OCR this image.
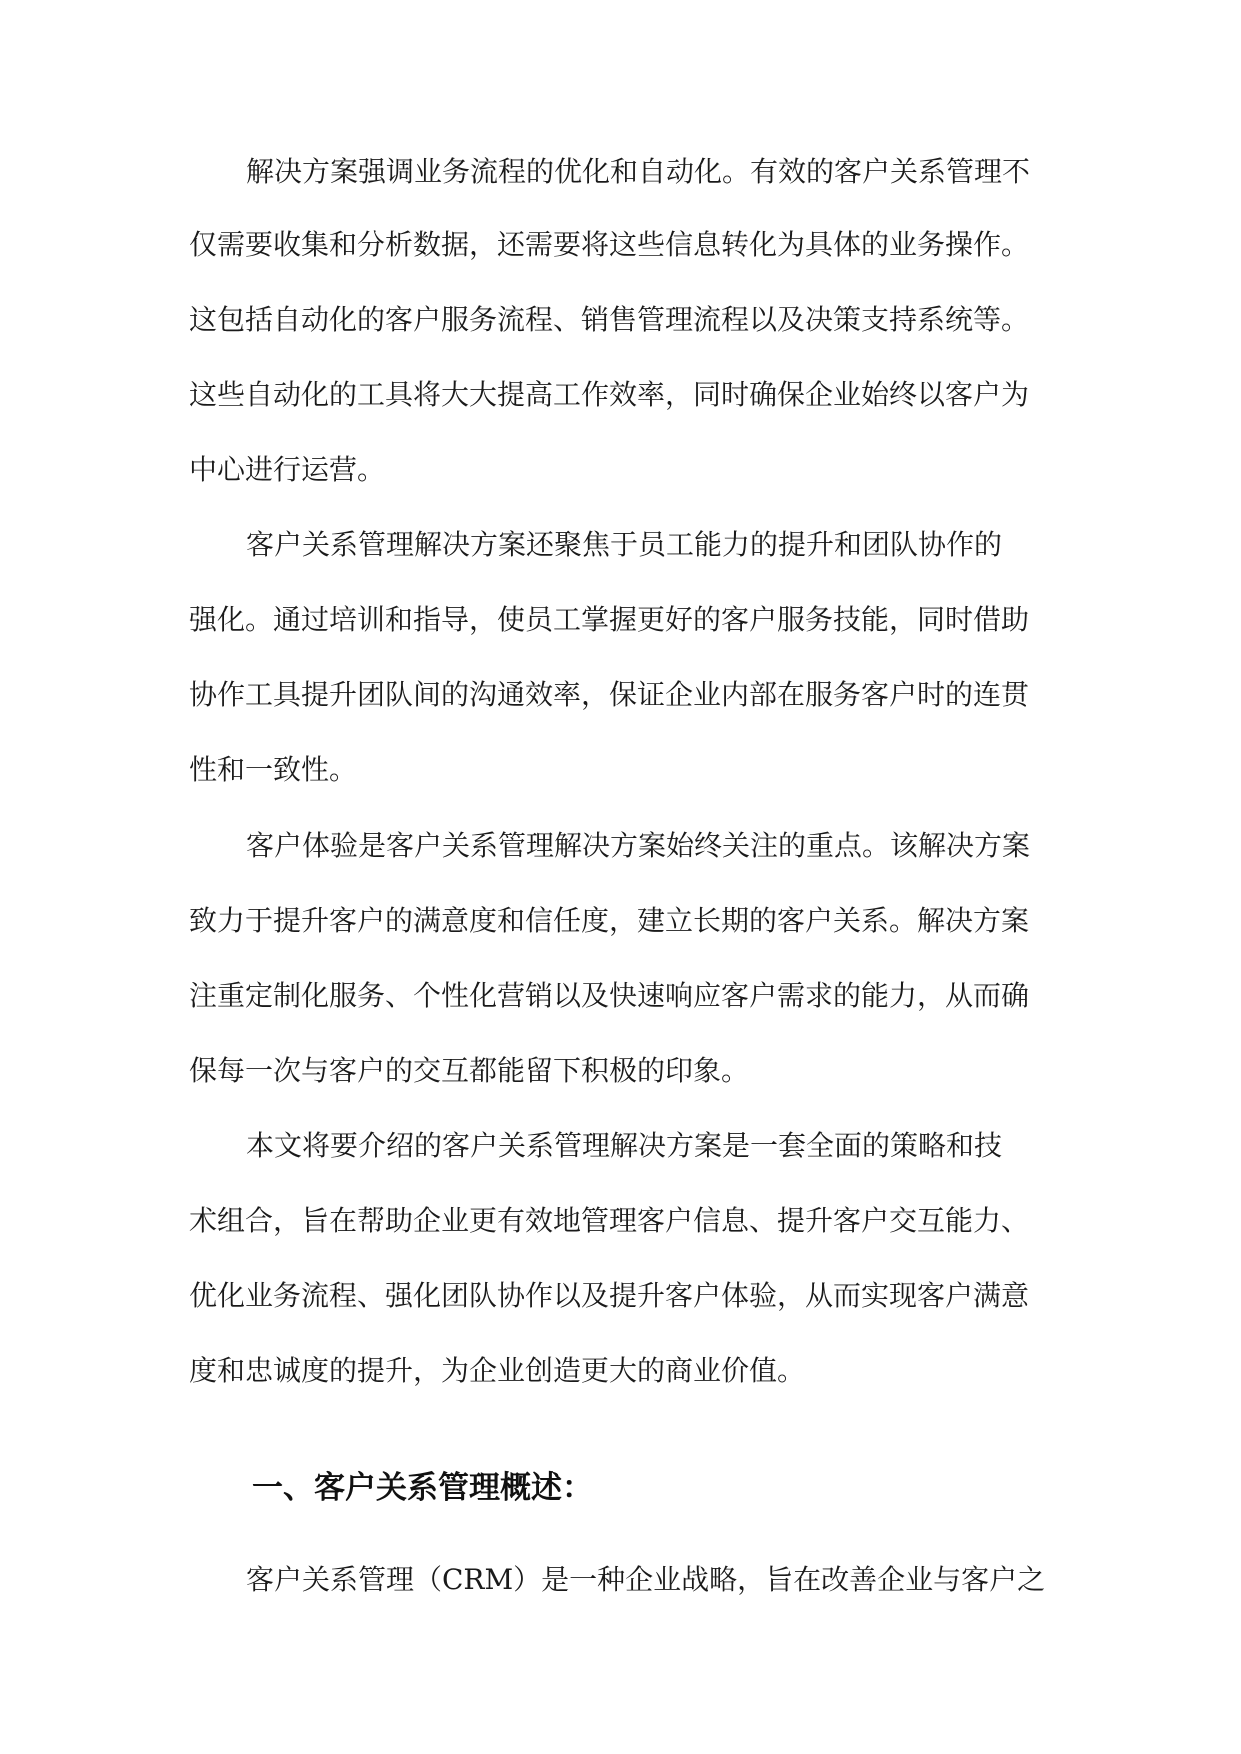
解决方案强调业务流程的优化和自动化。有效的客户关系管理不
仅需要收集和分析数据，还需要将这些信息转化为具体的业务操作。
这包括自动化的客户服务流程、销售管理流程以及决策支持系统等。
这些自动化的工具将大大提高工作效率，同时确保企业始终以客户为
中心进行运营。
客户关系管理解决方案还聚焦于员工能力的提升和团队协作的
强化。通过培训和指导，使员工掌握更好的客户服务技能，同时借助
协作工具提升团队间的沟通效率，保证企业内部在服务客户时的连贯
性和一致性。
客户体验是客户关系管理解决方案始终关注的重点。该解决方案
致力于提升客户的满意度和信任度，建立长期的客户关系。解决方案
注重定制化服务、个性化营销以及快速响应客户需求的能力，从而确
保每一次与客户的交互都能留下积极的印象。
本文将要介绍的客户关系管理解决方案是一套全面的策略和技
术组合，旨在帮助企业更有效地管理客户信息、提升客户交互能力、
优化业务流程、强化团队协作以及提升客户体验，从而实现客户满意
度和忠诚度的提升，为企业创造更大的商业价值。
一、客户关系管理概述：
客户关系管理（CRM）是一种企业战略，旨在改善企业与客户之
